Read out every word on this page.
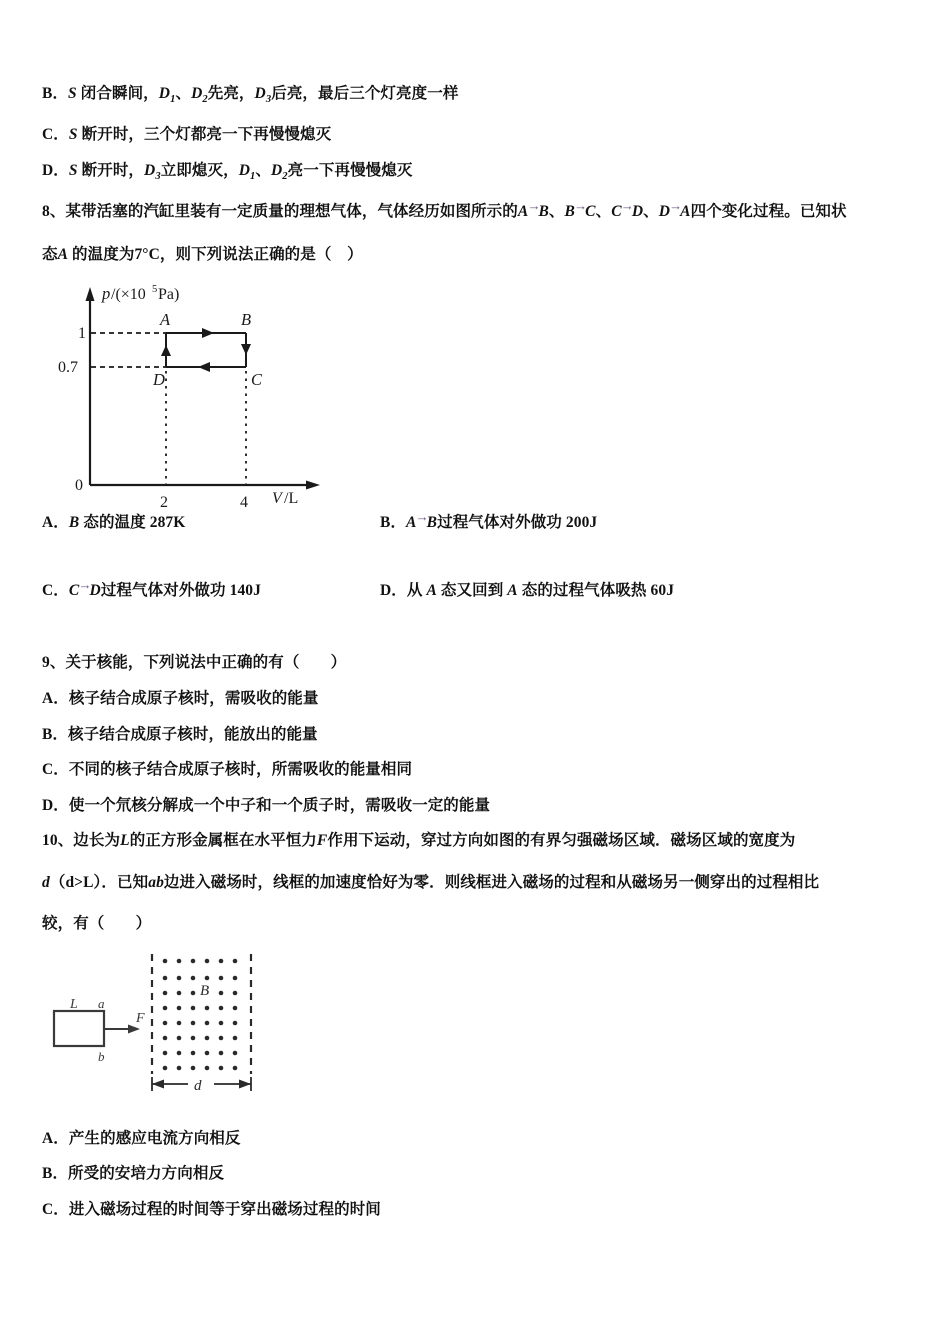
B．S 闭合瞬间，$D_1$、$D_2$先亮，$D_3$后亮，最后三个灯亮度一样
C．S 断开时，三个灯都亮一下再慢慢熄灭
D．S 断开时，$D_3$立即熄灭，$D_1$、$D_2$亮一下再慢慢熄灭
8、某带活塞的汽缸里装有一定质量的理想气体，气体经历如图所示的A→B、B→C、C→D、D→A四个变化过程。已知状
态A 的温度为7°C，则下列说法正确的是（　）
p /(×10 5 Pa)
V /L
0
1
0.7
2	4
A	B
C
D
A．B 态的温度 287K	B．A→B过程气体对外做功 200J
C．C→D过程气体对外做功 140J	D．从 A 态又回到 A 态的过程气体吸热 60J
9、关于核能，下列说法中正确的有（　　）
A．核子结合成原子核时，需吸收的能量
B．核子结合成原子核时，能放出的能量
C．不同的核子结合成原子核时，所需吸收的能量相同
D．使一个氘核分解成一个中子和一个质子时，需吸收一定的能量
10、边长为L的正方形金属框在水平恒力F作用下运动，穿过方向如图的有界匀强磁场区域．磁场区域的宽度为
d（d>L）．已知ab边进入磁场时，线框的加速度恰好为零．则线框进入磁场的过程和从磁场另一侧穿出的过程相比
较，有（　　）
L a
b
F
B
d
A．产生的感应电流方向相反
B．所受的安培力方向相反
C．进入磁场过程的时间等于穿出磁场过程的时间
